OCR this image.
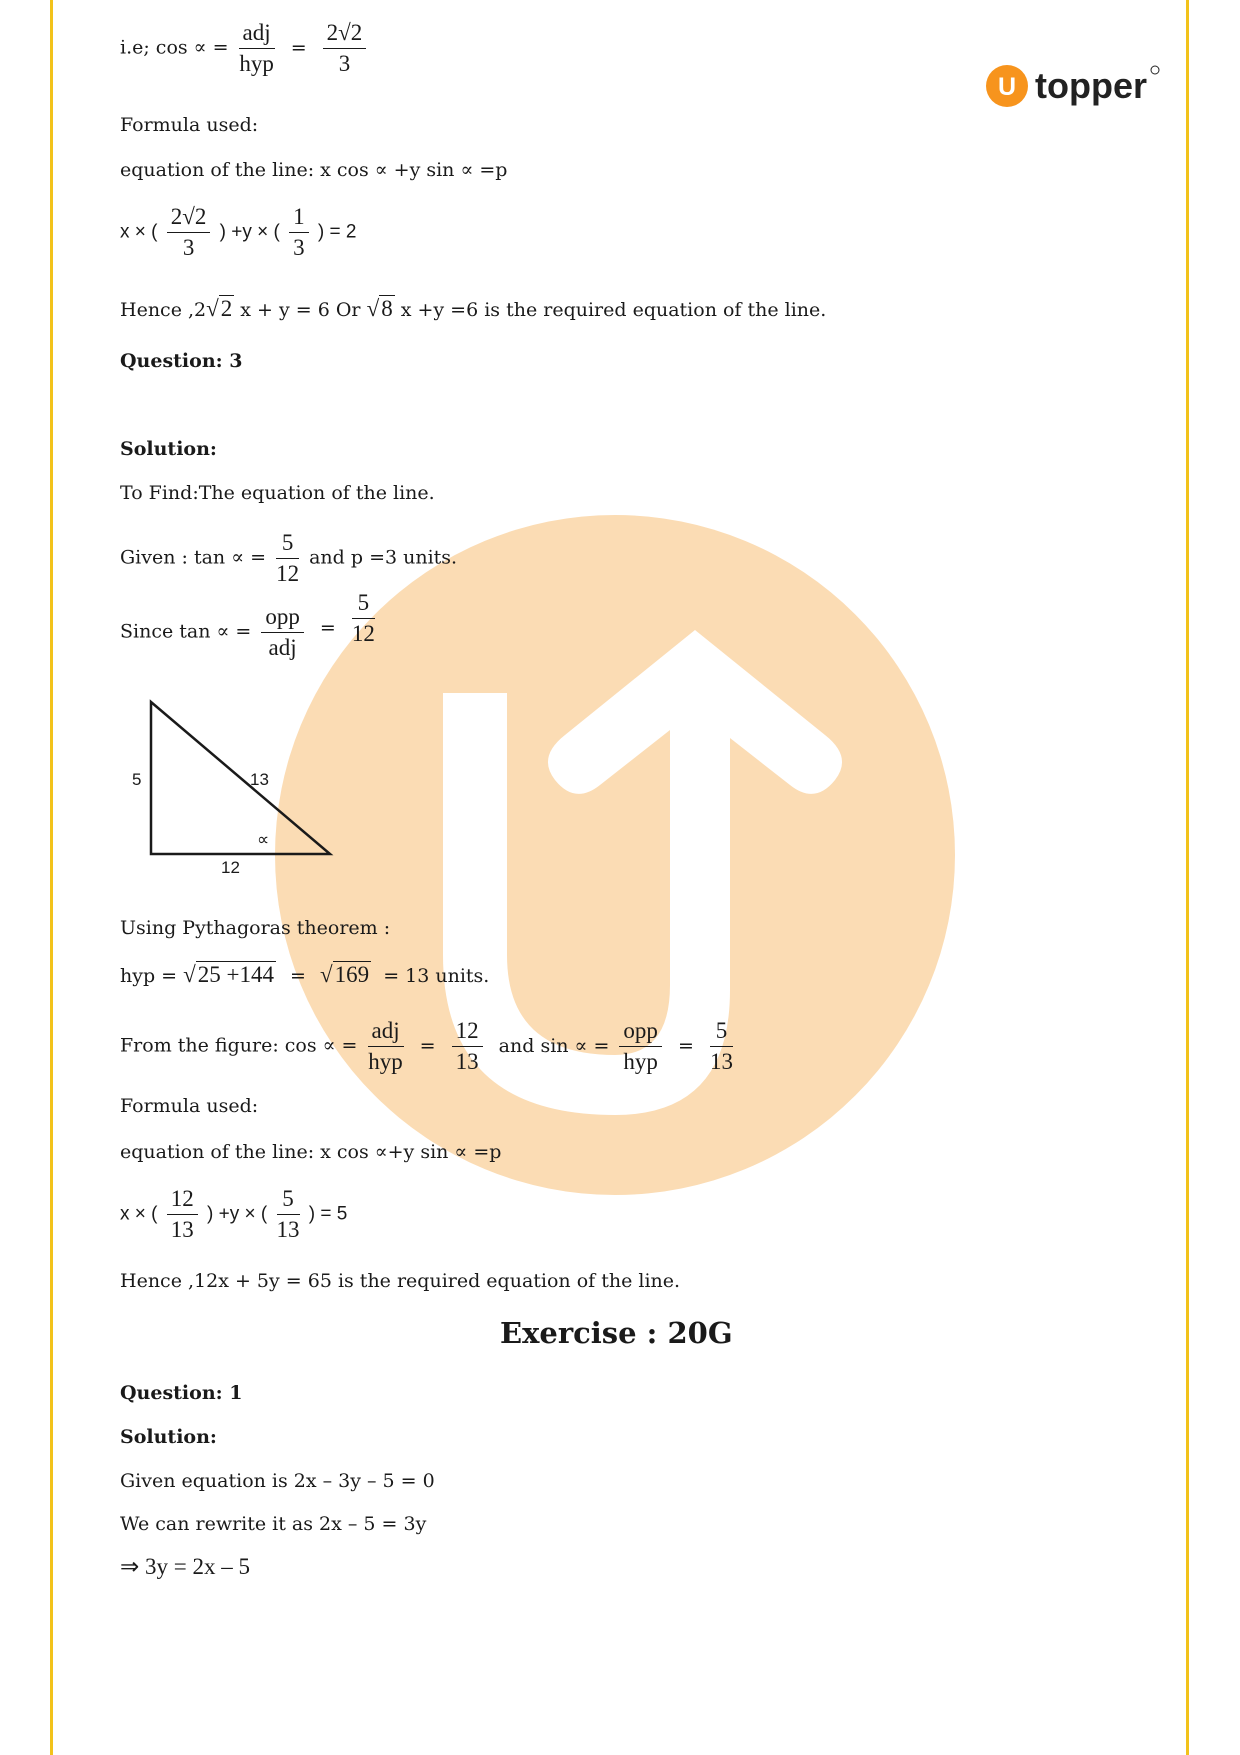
U topper
i.e; cos ∝ = $\frac{\text{adj}}{\text{hyp}} = \frac{2√2}{3}$
Formula used:
equation of the line: x cos ∝ +y sin ∝ =p
x × ( $\frac{2√2}{3}$ ) +y × ( $\frac{1}{3}$ ) = 2
Hence ,2√2 x + y = 6 Or √8 x +y =6 is the required equation of the line.
Question: 3
Solution:
To Find:The equation of the line.
Given : tan ∝ = $\frac{5}{12}$ and p =3 units.
Since tan ∝ = $\frac{\text{opp}}{\text{adj}} = \frac{5}{12}$
5	13
12
∝
Using Pythagoras theorem :
hyp = √25 +144 = √169 = 13 units.
From the figure: cos ∝ = $\frac{\text{adj}}{\text{hyp}} = \frac{12}{13}$ and sin ∝ = $\frac{\text{opp}}{\text{hyp}} = \frac{5}{13}$
Formula used:
equation of the line: x cos ∝+y sin ∝ =p
x × ( $\frac{12}{13}$ ) +y × ( $\frac{5}{13}$ ) = 5
Hence ,12x + 5y = 65 is the required equation of the line.
Exercise : 20G
Question: 1
Solution:
Given equation is 2x – 3y – 5 = 0
We can rewrite it as 2x – 5 = 3y
⇒ 3y = 2x – 5
